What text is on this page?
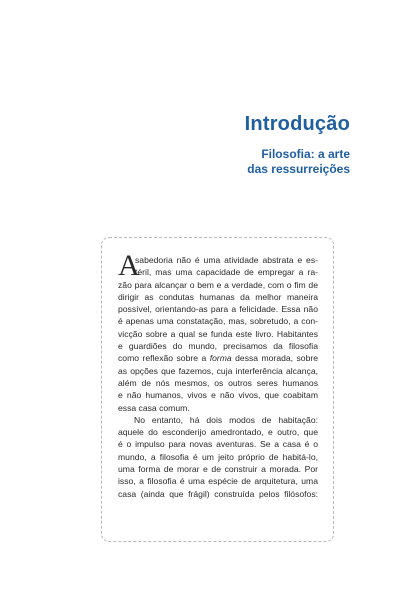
Introdução
Filosofia: a arte
das ressurreições
A

sabedoria não é uma atividade abstrata e es-
téril, mas uma capacidade de empregar a ra-
zão para alcançar o bem e a verdade, com o fim de
dirigir as condutas humanas da melhor maneira
possível, orientando-as para a felicidade. Essa não
é apenas uma constatação, mas, sobretudo, a con-
vicção sobre a qual se funda este livro. Habitantes
e guardiões do mundo, precisamos da filosofia
como reflexão sobre a forma dessa morada, sobre
as opções que fazemos, cuja interferência alcança,
além de nós mesmos, os outros seres humanos
e não humanos, vivos e não vivos, que coabitam
essa casa comum.

No entanto, há dois modos de habitação:
aquele do esconderijo amedrontado, e outro, que
é o impulso para novas aventuras. Se a casa é o
mundo, a filosofia é um jeito próprio de habitá-lo,
uma forma de morar e de construir a morada. Por
isso, a filosofia é uma espécie de arquitetura, uma
casa (ainda que frágil) construída pelos filósofos:
